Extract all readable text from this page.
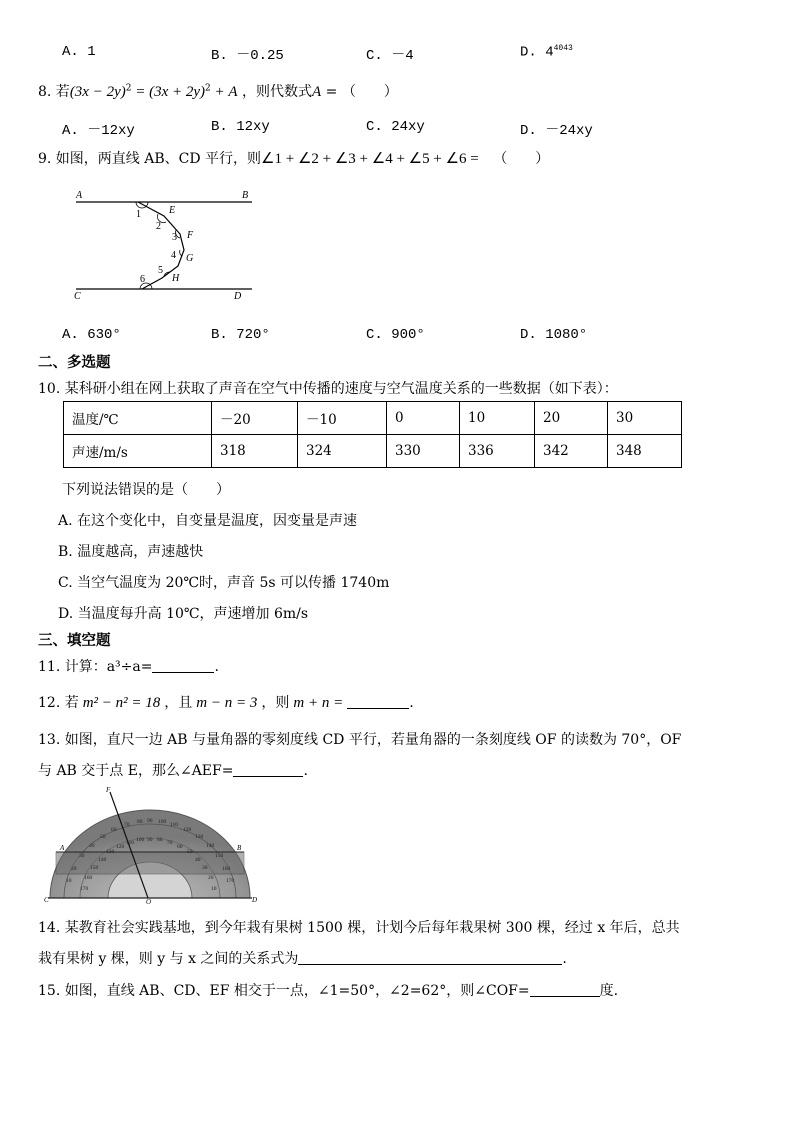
A. 1	B. －0.25	C. －4	D. $4^{4043}$
8. 若$(3x - 2y)^2 = (3x + 2y)^2 + A$ ，则代数式A = （　　）
A. －12xy	B. 12xy	C. 24xy	D. －24xy
9. 如图，两直线 AB、CD 平行，则∠1 + ∠2 + ∠3 + ∠4 + ∠5 + ∠6 = （　　）
A	B
C	D
E
F
G
H
1
2
3
4
5
6
A. 630°	B. 720°	C. 900°	D. 1080°
二、多选题
10. 某科研小组在网上获取了声音在空气中传播的速度与空气温度关系的一些数据（如下表）：
温度/℃	－20	－10	0	10	20	30
声速/m/s	318	324	330	336	342	348
下列说法错误的是（　　）
A. 在这个变化中，自变量是温度，因变量是声速
B. 温度越高，声速越快
C. 当空气温度为 20℃时，声音 5s 可以传播 1740m
D. 当温度每升高 10℃，声速增加 6m/s
三、填空题
11. 计算：a³÷a=	.
12. 若 m² − n² = 18 ，且 m − n = 3 ，则 m + n =	.
13. 如图，直尺一边 AB 与量角器的零刻度线 CD 平行，若量角器的一条刻度线 OF 的读数为 70°，OF
与 AB 交于点 E，那么∠AEF=	.
10
20
30
40
50
60
70 80 90 100 110
120
130
140
150
160
170
170
160
150
140
130
120
110 100 90 80 70
60
50
40
30
20
10
F
A	B
C	D
O
14. 某教育社会实践基地，到今年栽有果树 1500 棵，计划今后每年栽果树 300 棵，经过 x 年后，总共
栽有果树 y 棵，则 y 与 x 之间的关系式为	.
15. 如图，直线 AB、CD、EF 相交于一点，∠1=50°，∠2=62°，则∠COF=	度.
